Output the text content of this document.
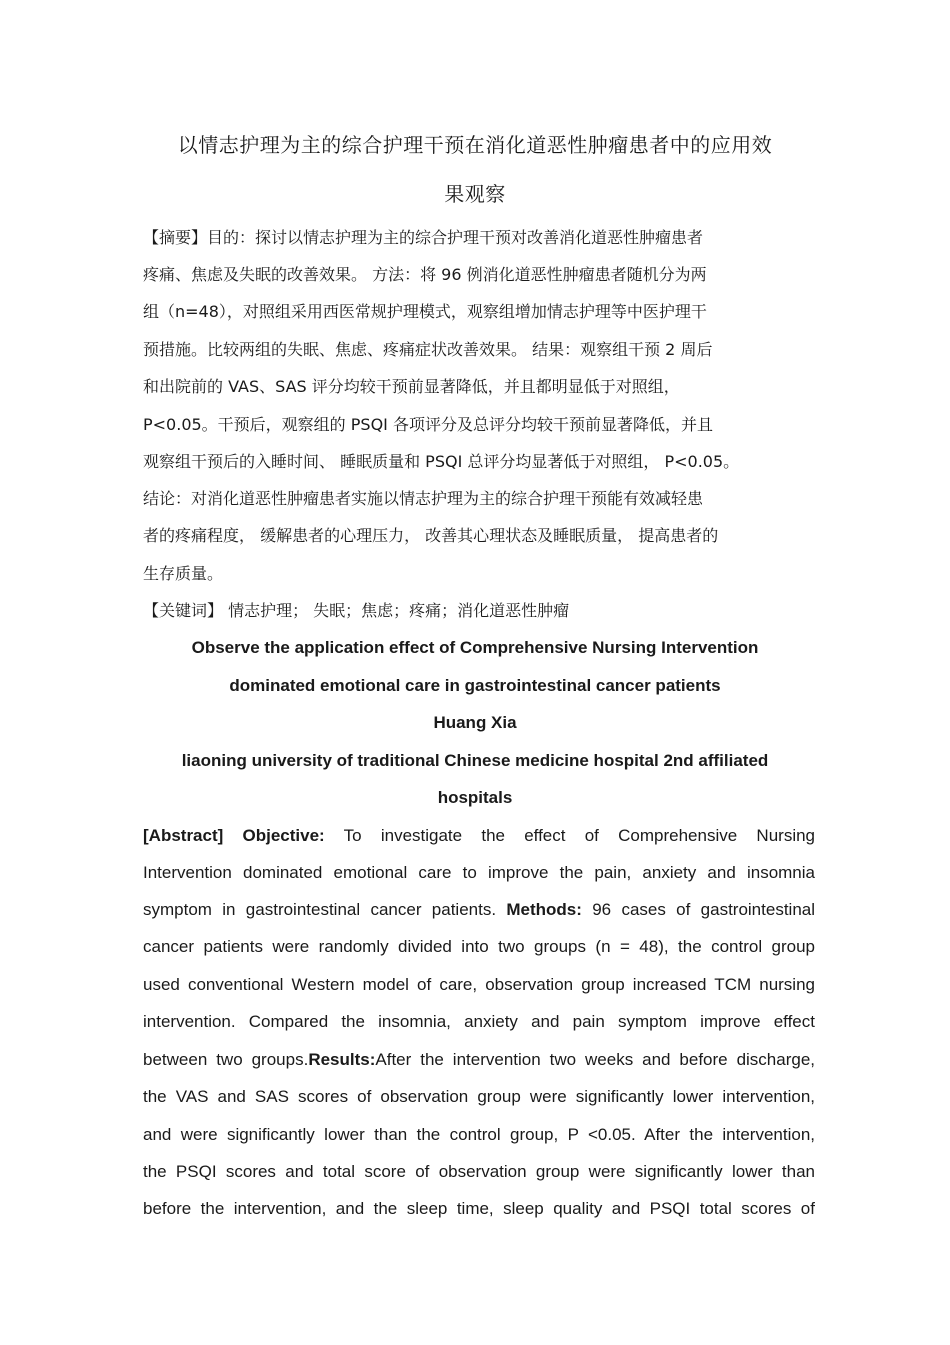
以情志护理为主的综合护理干预在消化道恶性肿瘤患者中的应用效
果观察
【摘要】目的：探讨以情志护理为主的综合护理干预对改善消化道恶性肿瘤患者
疼痛、焦虑及失眠的改善效果。 方法：将 96 例消化道恶性肿瘤患者随机分为两
组（n=48），对照组采用西医常规护理模式，观察组增加情志护理等中医护理干
预措施。比较两组的失眠、焦虑、疼痛症状改善效果。 结果：观察组干预 2 周后
和出院前的 VAS、SAS 评分均较干预前显著降低，并且都明显低于对照组，
P<0.05。干预后，观察组的 PSQI 各项评分及总评分均较干预前显著降低，并且
观察组干预后的入睡时间、 睡眠质量和 PSQI 总评分均显著低于对照组， P<0.05。
结论：对消化道恶性肿瘤患者实施以情志护理为主的综合护理干预能有效减轻患
者的疼痛程度， 缓解患者的心理压力， 改善其心理状态及睡眠质量， 提高患者的
生存质量。
【关键词】 情志护理； 失眠；焦虑；疼痛；消化道恶性肿瘤
Observe the application effect of Comprehensive Nursing Intervention
dominated emotional care in gastrointestinal cancer patients
Huang Xia
liaoning university of traditional Chinese medicine hospital 2nd affiliated
hospitals
[Abstract] Objective: To investigate the effect of Comprehensive Nursing
Intervention dominated emotional care to improve the pain, anxiety and insomnia
symptom in gastrointestinal cancer patients. Methods: 96 cases of gastrointestinal
cancer patients were randomly divided into two groups (n = 48), the control group
used conventional Western model of care, observation group increased TCM nursing
intervention. Compared the insomnia, anxiety and pain symptom improve effect
between two groups.Results:After the intervention two weeks and before discharge,
the VAS and SAS scores of observation group were significantly lower intervention,
and were significantly lower than the control group, P <0.05. After the intervention,
the PSQI scores and total score of observation group were significantly lower than
before the intervention, and the sleep time, sleep quality and PSQI total scores of
